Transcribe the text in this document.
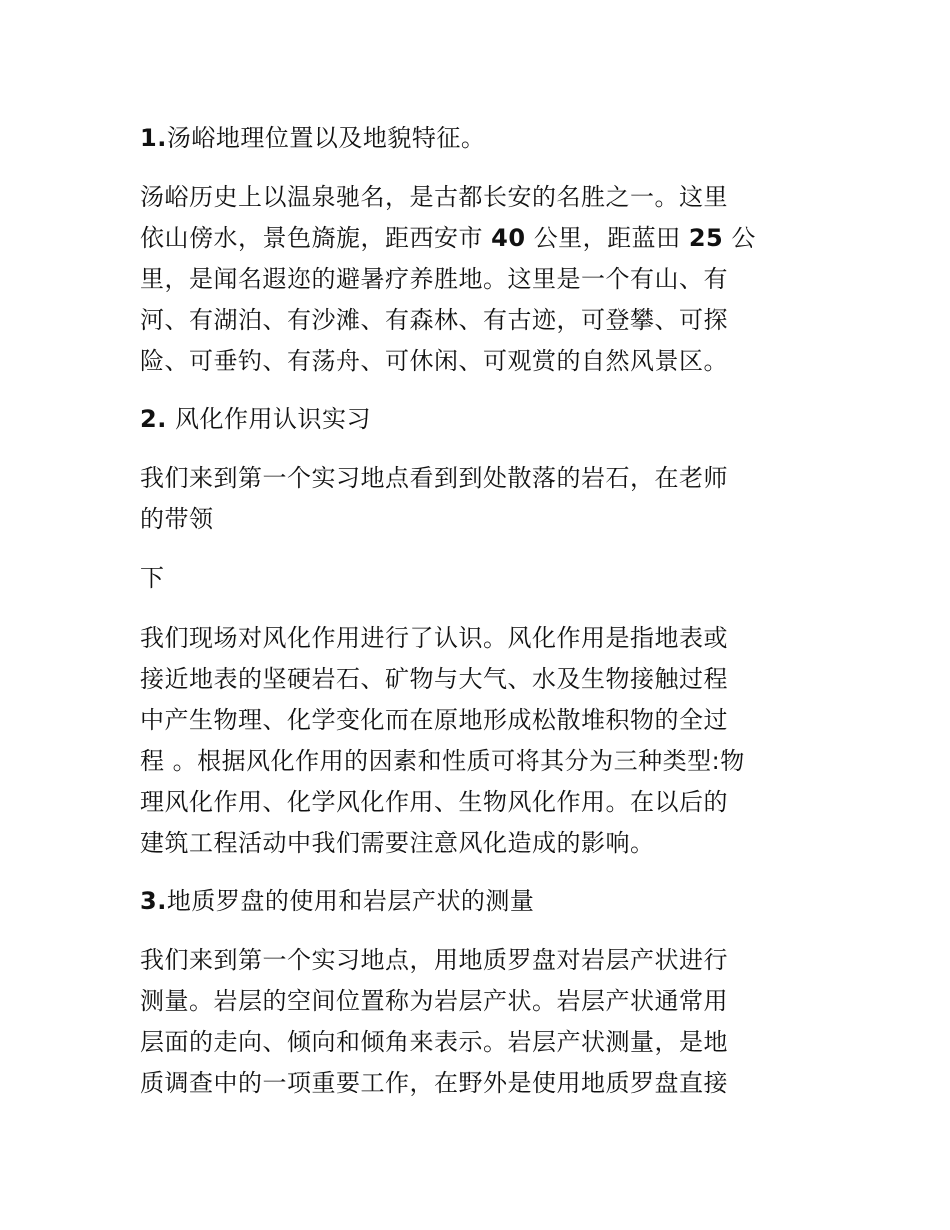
1.汤峪地理位置以及地貌特征。

汤峪历史上以温泉驰名，是古都长安的名胜之一。这里

依山傍水，景色旖旎，距西安市 40 公里，距蓝田 25 公

里，是闻名遐迩的避暑疗养胜地。这里是一个有山、有

河、有湖泊、有沙滩、有森林、有古迹，可登攀、可探

险、可垂钓、有荡舟、可休闲、可观赏的自然风景区。

2. 风化作用认识实习

我们来到第一个实习地点看到到处散落的岩石，在老师

的带领

下

我们现场对风化作用进行了认识。风化作用是指地表或

接近地表的坚硬岩石、矿物与大气、水及生物接触过程

中产生物理、化学变化而在原地形成松散堆积物的全过

程 。根据风化作用的因素和性质可将其分为三种类型:物

理风化作用、化学风化作用、生物风化作用。在以后的

建筑工程活动中我们需要注意风化造成的影响。

3.地质罗盘的使用和岩层产状的测量

我们来到第一个实习地点，用地质罗盘对岩层产状进行

测量。岩层的空间位置称为岩层产状。岩层产状通常用

层面的走向、倾向和倾角来表示。岩层产状测量，是地

质调查中的一项重要工作，在野外是使用地质罗盘直接
